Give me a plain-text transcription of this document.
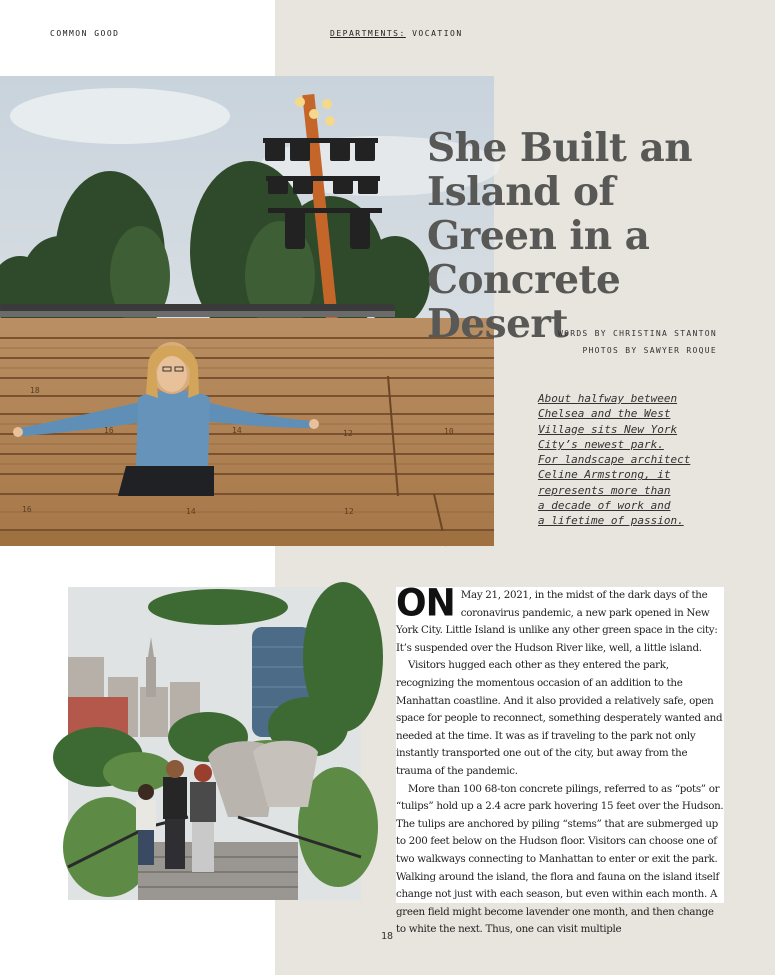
COMMON GOOD	DEPARTMENTS: VOCATION
18
16	14	12	10
16	14	12
She Built an Island of Green in a Concrete Desert
WORDS BY CHRISTINA STANTON
PHOTOS BY SAWYER ROQUE

About halfway between
Chelsea and the West
Village sits New York
City’s newest park.
For landscape architect
Celine Armstrong, it
represents more than
a decade of work and
a lifetime of passion.

ON May 21, 2021, in the midst of the dark days of the coronavirus pandemic, a new park opened in New York City. Little Island is unlike any other green space in the city: It’s suspended over the Hudson River like, well, a little island.

Visitors hugged each other as they entered the park, recognizing the momentous occasion of an addition to the Manhattan coastline. And it also provided a relatively safe, open space for people to reconnect, something desperately wanted and needed at the time. It was as if traveling to the park not only instantly transported one out of the city, but away from the trauma of the pandemic.

More than 100 68-ton concrete pilings, referred to as “pots” or “tulips” hold up a 2.4 acre park hovering 15 feet over the Hudson. The tulips are anchored by piling “stems” that are submerged up to 200 feet below on the Hudson floor. Visitors can choose one of two walkways connecting to Manhattan to enter or exit the park. Walking around the island, the flora and fauna on the island itself change not just with each season, but even within each month. A green field might become lavender one month, and then change to white the next. Thus, one can visit multiple

18
